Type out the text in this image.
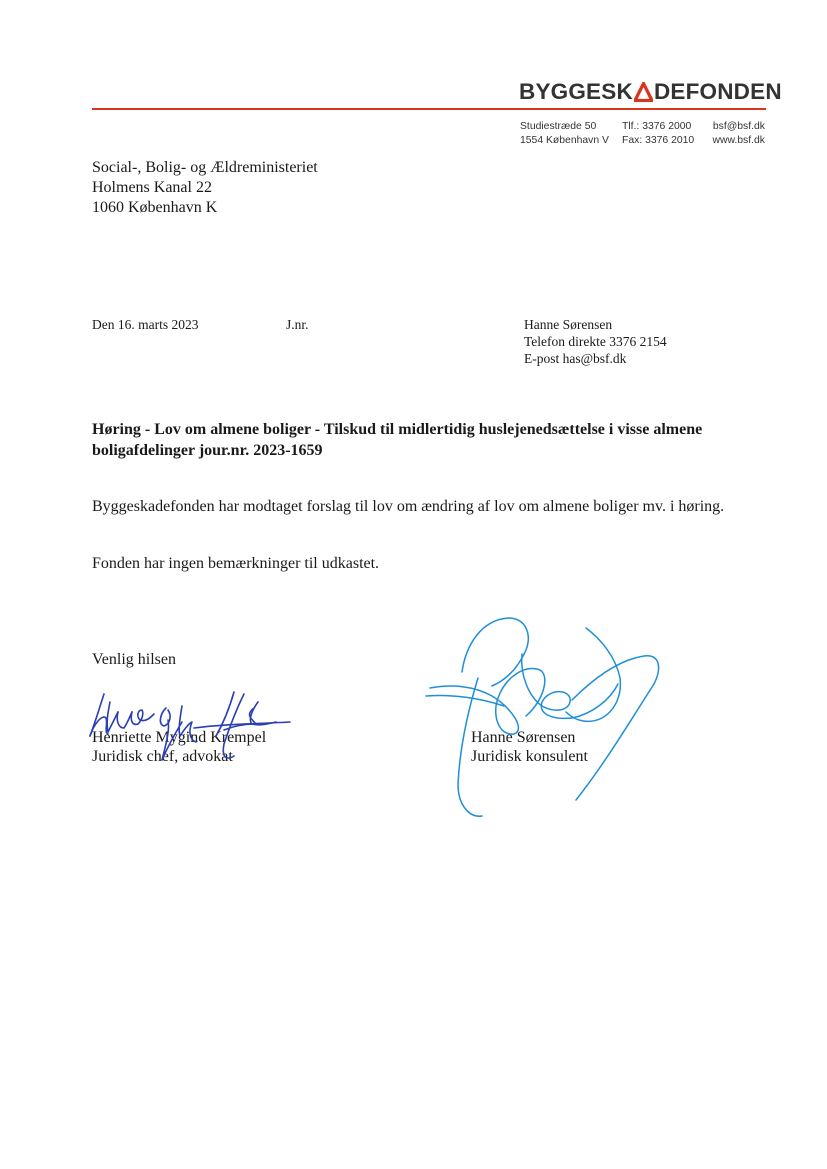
BYGGESK DEFONDEN
Studiestræde 50
1554 København V
Tlf.: 3376 2000
Fax: 3376 2010
bsf@bsf.dk
www.bsf.dk
Social-, Bolig- og Ældreministeriet
Holmens Kanal 22
1060 København K
Den 16. marts 2023	J.nr.	Hanne Sørensen
Telefon direkte 3376 2154
E-post has@bsf.dk
Høring - Lov om almene boliger - Tilskud til midlertidig huslejenedsættelse i visse almene boligafdelinger jour.nr. 2023-1659
Byggeskadefonden har modtaget forslag til lov om ændring af lov om almene boliger mv. i høring.
Fonden har ingen bemærkninger til udkastet.
Venlig hilsen
Henriette Mygind Krempel
Juridisk chef, advokat
Hanne Sørensen
Juridisk konsulent
